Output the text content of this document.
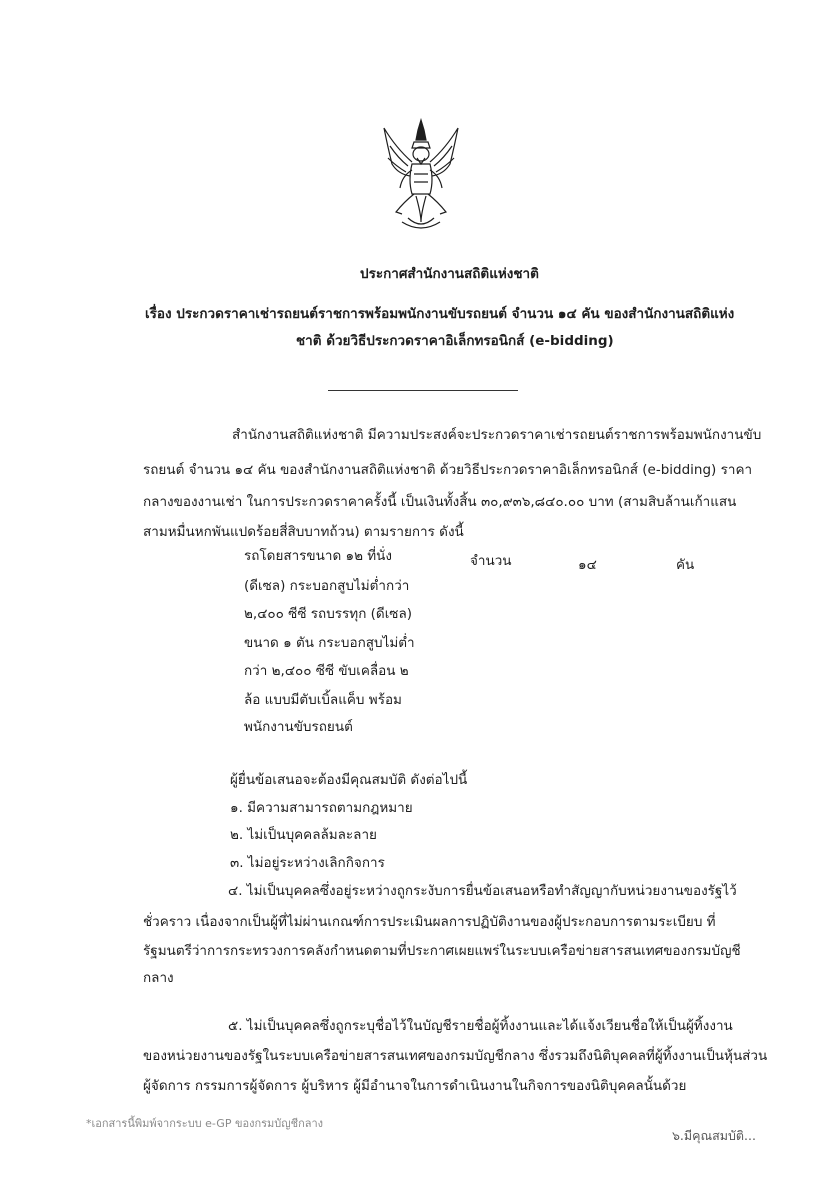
ประกาศสำนักงานสถิติแห่งชาติ
เรื่อง ประกวดราคาเช่ารถยนต์ราชการพร้อมพนักงานขับรถยนต์ จำนวน ๑๔ คัน ของสำนักงานสถิติแห่ง
ชาติ ด้วยวิธีประกวดราคาอิเล็กทรอนิกส์ (e-bidding)
สำนักงานสถิติแห่งชาติ มีความประสงค์จะประกวดราคาเช่ารถยนต์ราชการพร้อมพนักงานขับ
รถยนต์ จำนวน ๑๔ คัน ของสำนักงานสถิติแห่งชาติ ด้วยวิธีประกวดราคาอิเล็กทรอนิกส์ (e-bidding) ราคา
กลางของงานเช่า ในการประกวดราคาครั้งนี้ เป็นเงินทั้งสิ้น ๓๐,๙๓๖,๘๔๐.๐๐ บาท (สามสิบล้านเก้าแสน
สามหมื่นหกพันแปดร้อยสี่สิบบาทถ้วน) ตามรายการ ดังนี้
รถโดยสารขนาด ๑๒ ที่นั่ง
(ดีเซล) กระบอกสูบไม่ต่ำกว่า
๒,๔๐๐ ซีซี รถบรรทุก (ดีเซล)
ขนาด ๑ ตัน กระบอกสูบไม่ต่ำ
กว่า ๒,๔๐๐ ซีซี ขับเคลื่อน ๒
ล้อ แบบมีตับเบิ้ลแค็บ พร้อม
พนักงานขับรถยนต์
จำนวน	๑๔	คัน
ผู้ยื่นข้อเสนอจะต้องมีคุณสมบัติ ดังต่อไปนี้
๑. มีความสามารถตามกฎหมาย
๒. ไม่เป็นบุคคลล้มละลาย
๓. ไม่อยู่ระหว่างเลิกกิจการ
๔. ไม่เป็นบุคคลซึ่งอยู่ระหว่างถูกระงับการยื่นข้อเสนอหรือทำสัญญากับหน่วยงานของรัฐไว้
ชั่วคราว เนื่องจากเป็นผู้ที่ไม่ผ่านเกณฑ์การประเมินผลการปฏิบัติงานของผู้ประกอบการตามระเบียบ ที่
รัฐมนตรีว่าการกระทรวงการคลังกำหนดตามที่ประกาศเผยแพร่ในระบบเครือข่ายสารสนเทศของกรมบัญชี
กลาง
๕. ไม่เป็นบุคคลซึ่งถูกระบุชื่อไว้ในบัญชีรายชื่อผู้ทิ้งงานและได้แจ้งเวียนชื่อให้เป็นผู้ทิ้งงาน
ของหน่วยงานของรัฐในระบบเครือข่ายสารสนเทศของกรมบัญชีกลาง ซึ่งรวมถึงนิติบุคคลที่ผู้ทิ้งงานเป็นหุ้นส่วน
ผู้จัดการ กรรมการผู้จัดการ ผู้บริหาร ผู้มีอำนาจในการดำเนินงานในกิจการของนิติบุคคลนั้นด้วย
*เอกสารนี้พิมพ์จากระบบ e-GP ของกรมบัญชีกลาง
๖.มีคุณสมบัติ...
